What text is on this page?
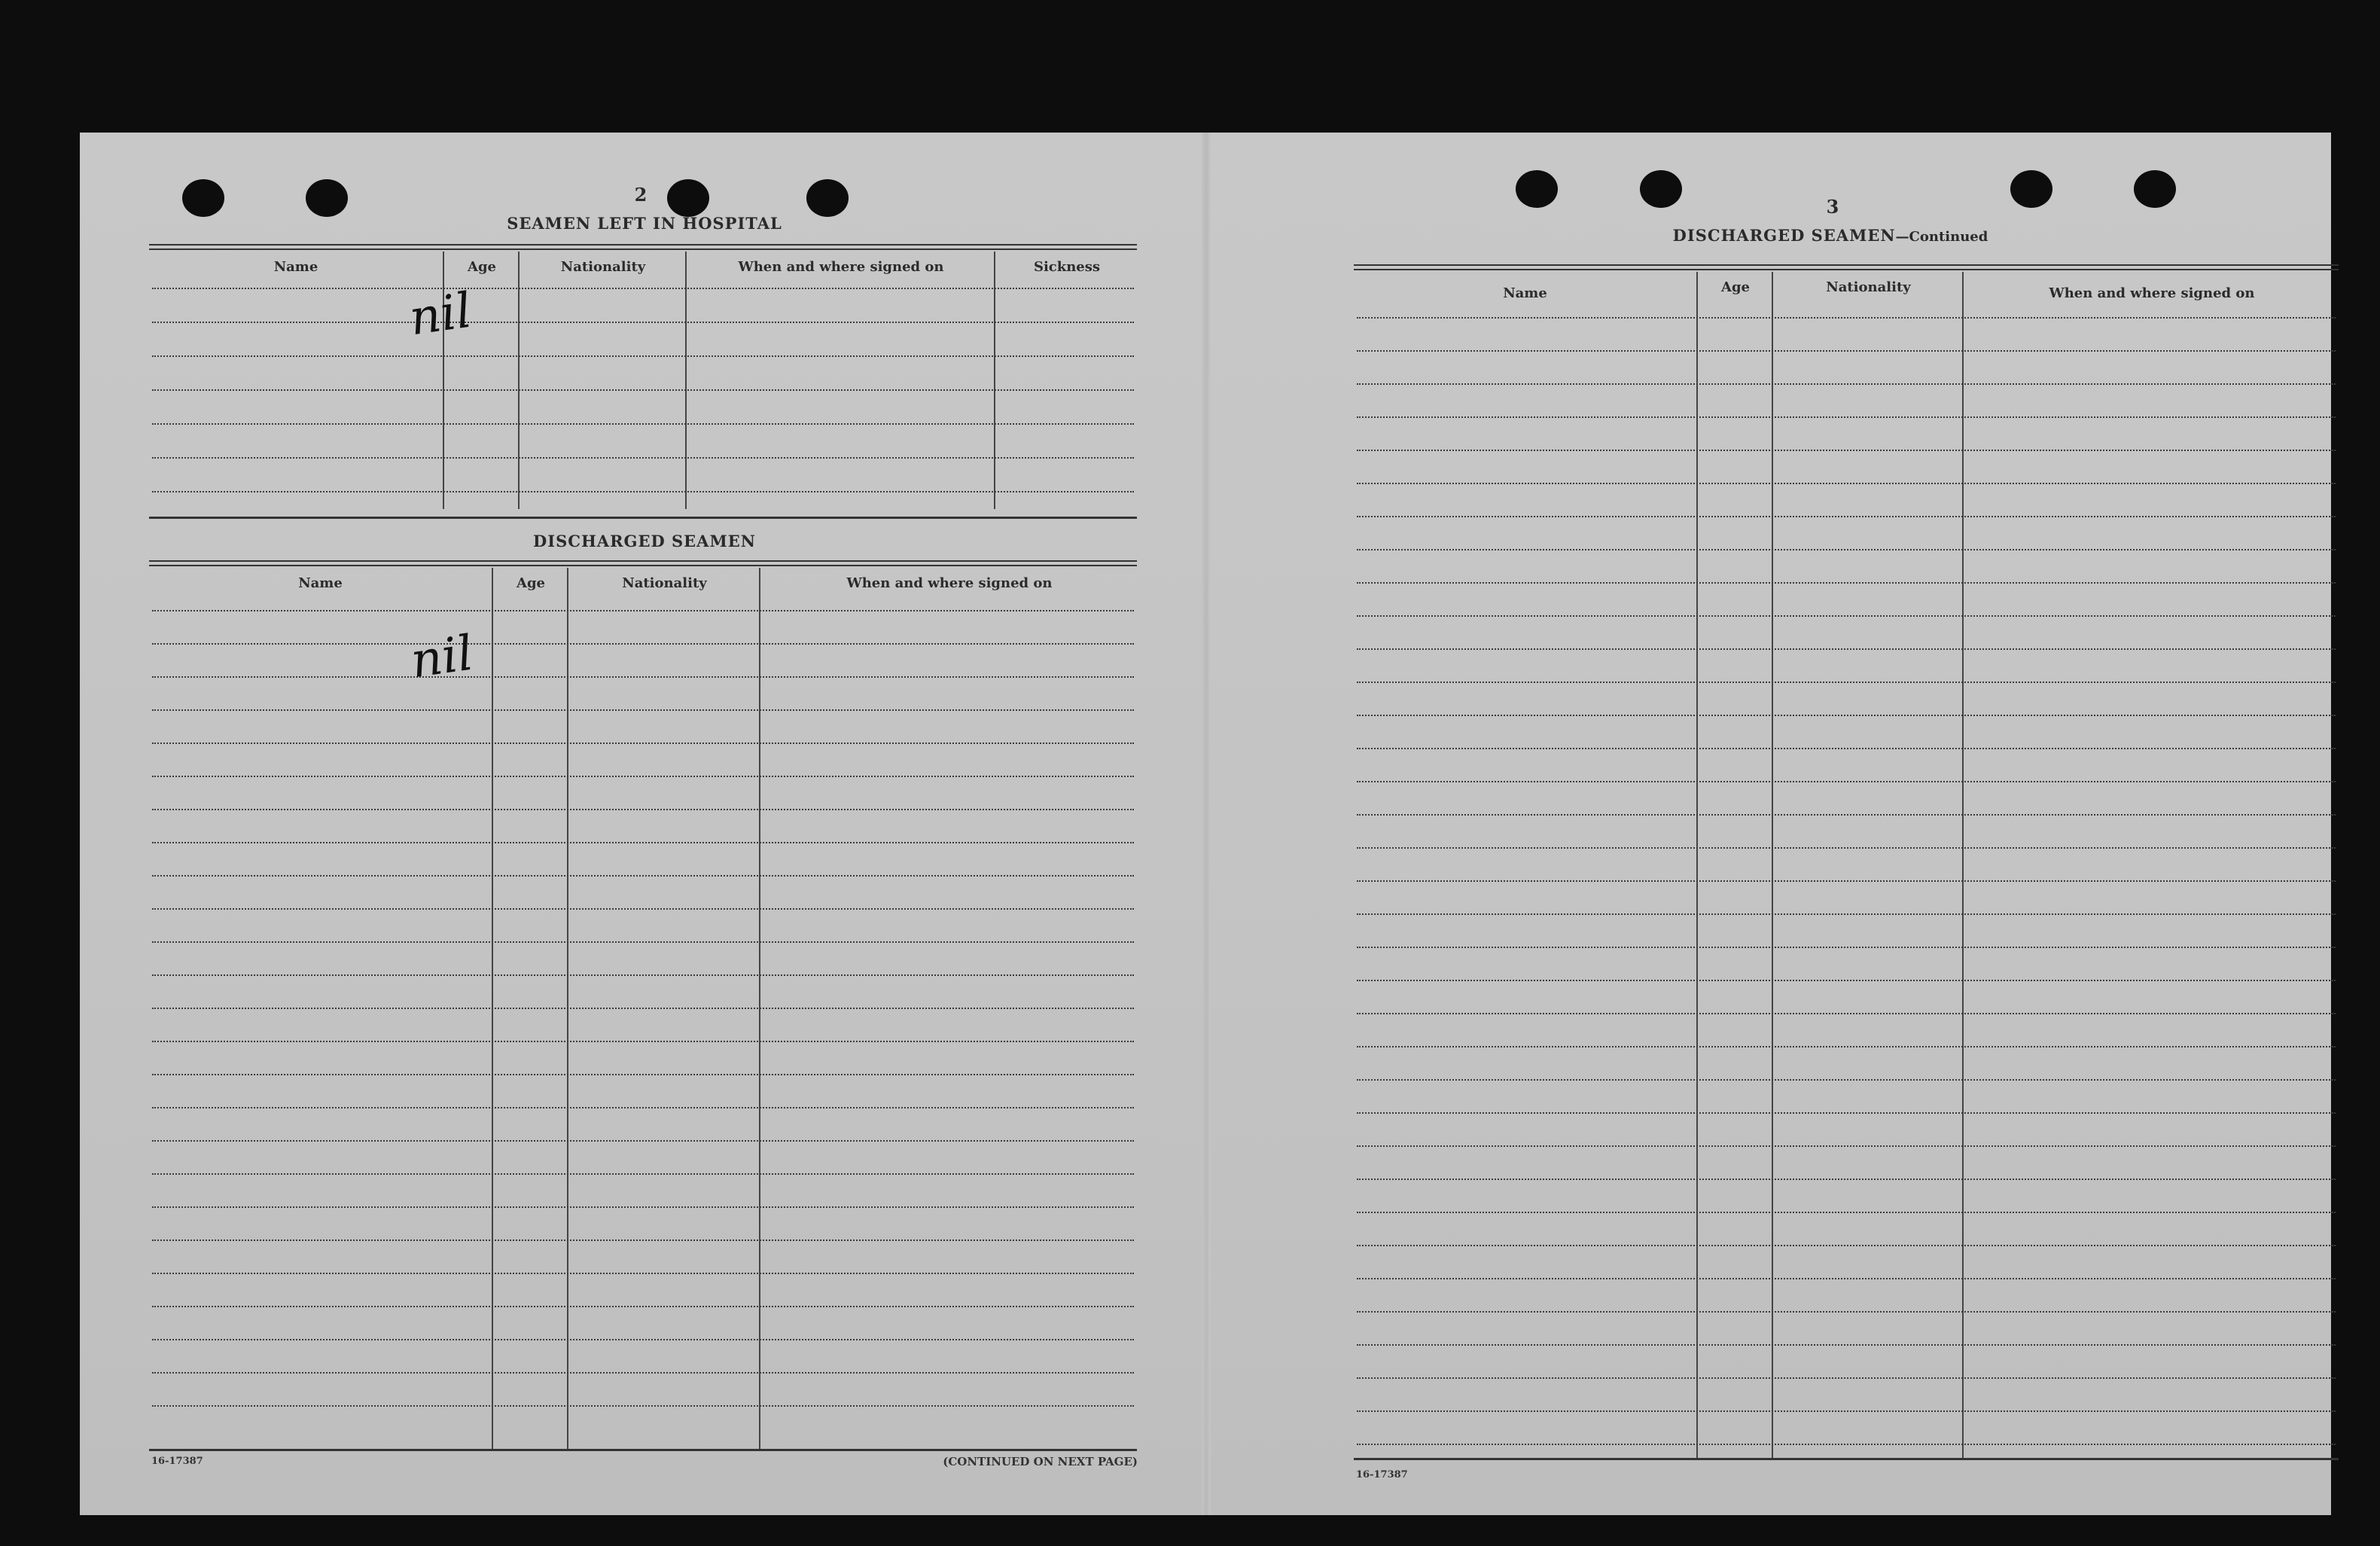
2
SEAMEN LEFT IN HOSPITAL
Name	Age	Nationality	When and where signed on	Sickness
nil
DISCHARGED SEAMEN
Name	Age	Nationality	When and where signed on
nil
16-17387	(CONTINUED ON NEXT PAGE)
3
DISCHARGED SEAMEN—Continued
Name	Age	Nationality	When and where signed on
16-17387
